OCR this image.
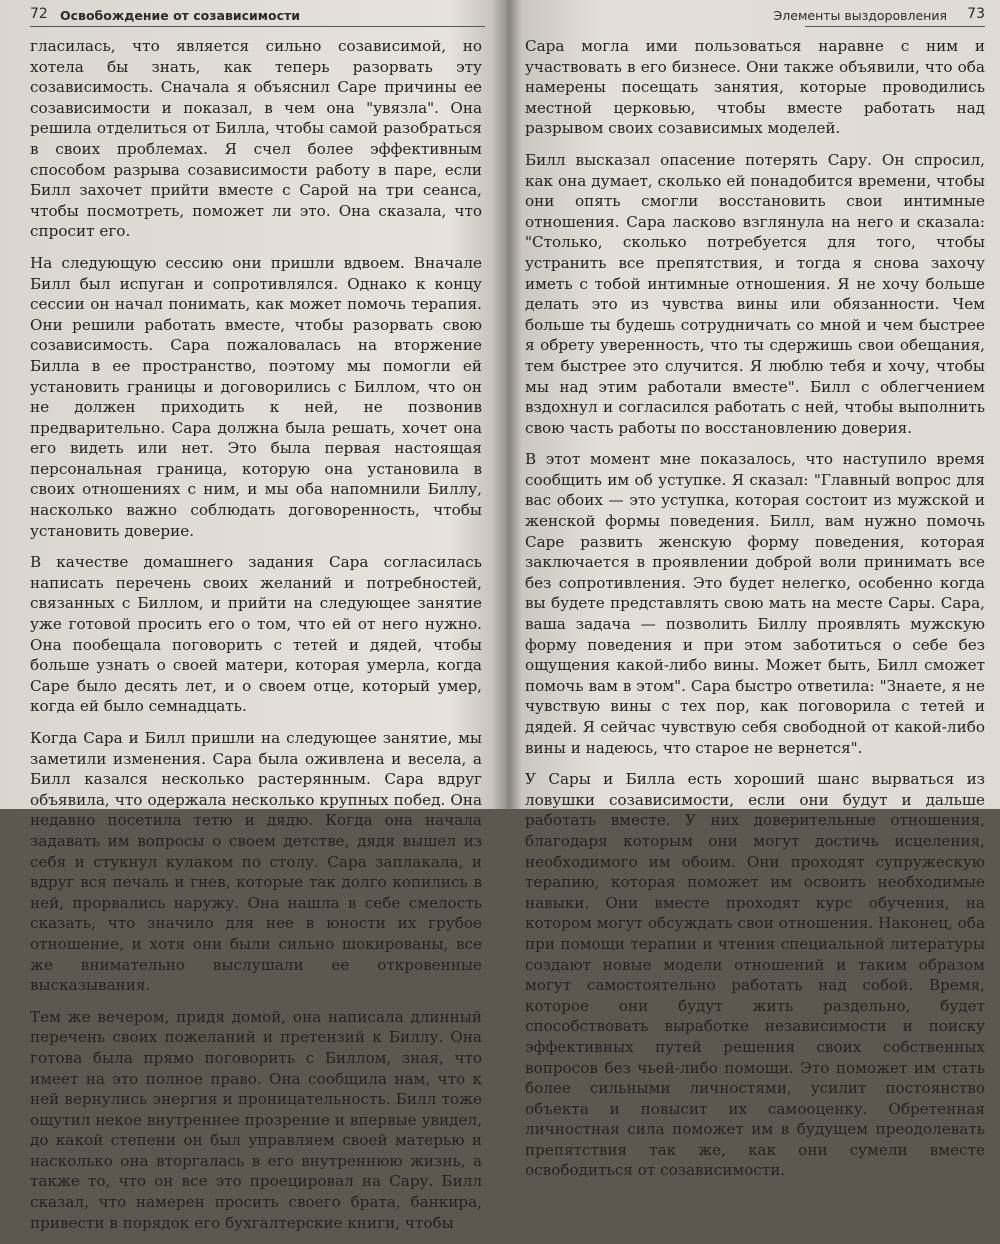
72 Освобождение от созависимости

гласилась, что является сильно созависимой, но хотела бы знать, как теперь разорвать эту созависимость. Сначала я объяснил Саре причины ее созависимости и показал, в чем она "увязла". Она решила отделиться от Билла, чтобы самой разобраться в своих проблемах. Я счел более эффективным способом разрыва созависимости работу в паре, если Билл захочет прийти вместе с Сарой на три сеанса, чтобы посмотреть, поможет ли это. Она сказала, что спросит его.

На следующую сессию они пришли вдвоем. Вначале Билл был испуган и сопротивлялся. Однако к концу сессии он начал понимать, как может помочь терапия. Они решили работать вместе, чтобы разорвать свою созависимость. Сара пожаловалась на вторжение Билла в ее пространство, поэтому мы помогли ей установить границы и договорились с Биллом, что он не должен приходить к ней, не позвонив предварительно. Сара должна была решать, хочет она его видеть или нет. Это была первая настоящая персональная граница, которую она установила в своих отношениях с ним, и мы оба напомнили Биллу, насколько важно соблюдать договоренность, чтобы установить доверие.

В качестве домашнего задания Сара согласилась написать перечень своих желаний и потребностей, связанных с Биллом, и прийти на следующее занятие уже готовой просить его о том, что ей от него нужно. Она пообещала поговорить с тетей и дядей, чтобы больше узнать о своей матери, которая умерла, когда Саре было десять лет, и о своем отце, который умер, когда ей было семнадцать.

Когда Сара и Билл пришли на следующее занятие, мы заметили изменения. Сара была оживлена и весела, а Билл казался несколько растерянным. Сара вдруг объявила, что одержала несколько крупных побед. Она недавно посетила тетю и дядю. Когда она начала задавать им вопросы о своем детстве, дядя вышел из себя и стукнул кулаком по столу. Сара заплакала, и вдруг вся печаль и гнев, которые так долго копились в ней, прорвались наружу. Она нашла в себе смелость сказать, что значило для нее в юности их грубое отношение, и хотя они были сильно шокированы, все же внимательно выслушали ее откровенные высказывания.

Тем же вечером, придя домой, она написала длинный перечень своих пожеланий и претензий к Биллу. Она готова была прямо поговорить с Биллом, зная, что имеет на это полное право. Она сообщила нам, что к ней вернулись энергия и проницательность. Билл тоже ощутил некое внутреннее прозрение и впервые увидел, до какой степени он был управляем своей матерью и насколько она вторгалась в его внутреннюю жизнь, а также то, что он все это проецировал на Сару. Билл сказал, что намерен просить своего брата, банкира, привести в порядок его бухгалтерские книги, чтобы

Элементы выздоровления 73

Сара могла ими пользоваться наравне с ним и участвовать в его бизнесе. Они также объявили, что оба намерены посещать занятия, которые проводились местной церковью, чтобы вместе работать над разрывом своих созависимых моделей.

Билл высказал опасение потерять Сару. Он спросил, как она думает, сколько ей понадобится времени, чтобы они опять смогли восстановить свои интимные отношения. Сара ласково взглянула на него и сказала: "Столько, сколько потребуется для того, чтобы устранить все препятствия, и тогда я снова захочу иметь с тобой интимные отношения. Я не хочу больше делать это из чувства вины или обязанности. Чем больше ты будешь сотрудничать со мной и чем быстрее я обрету уверенность, что ты сдержишь свои обещания, тем быстрее это случится. Я люблю тебя и хочу, чтобы мы над этим работали вместе". Билл с облегчением вздохнул и согласился работать с ней, чтобы выполнить свою часть работы по восстановлению доверия.

В этот момент мне показалось, что наступило время сообщить им об уступке. Я сказал: "Главный вопрос для вас обоих — это уступка, которая состоит из мужской и женской формы поведения. Билл, вам нужно помочь Саре развить женскую форму поведения, которая заключается в проявлении доброй воли принимать все без сопротивления. Это будет нелегко, особенно когда вы будете представлять свою мать на месте Сары. Сара, ваша задача — позволить Биллу проявлять мужскую форму поведения и при этом заботиться о себе без ощущения какой-либо вины. Может быть, Билл сможет помочь вам в этом". Сара быстро ответила: "Знаете, я не чувствую вины с тех пор, как поговорила с тетей и дядей. Я сейчас чувствую себя свободной от какой-либо вины и надеюсь, что старое не вернется".

У Сары и Билла есть хороший шанс вырваться из ловушки созависимости, если они будут и дальше работать вместе. У них доверительные отношения, благодаря которым они могут достичь исцеления, необходимого им обоим. Они проходят супружескую терапию, которая поможет им освоить необходимые навыки. Они вместе проходят курс обучения, на котором могут обсуждать свои отношения. Наконец, оба при помощи терапии и чтения специальной литературы создают новые модели отношений и таким образом могут самостоятельно работать над собой. Время, которое они будут жить раздельно, будет способствовать выработке независимости и поиску эффективных путей решения своих собственных вопросов без чьей-либо помощи. Это поможет им стать более сильными личностями, усилит постоянство объекта и повысит их самооценку. Обретенная личностная сила поможет им в будущем преодолевать препятствия так же, как они сумели вместе освободиться от созависимости.
